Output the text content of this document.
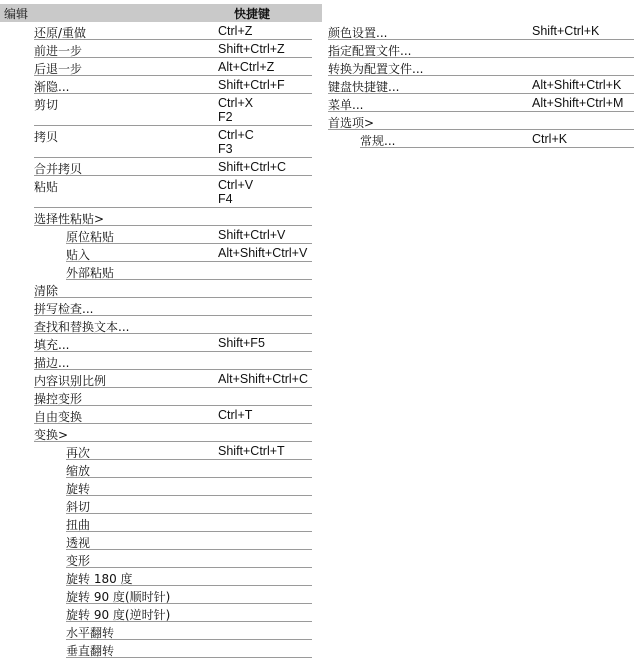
编辑	快捷键
还原/重做	Ctrl+Z
前进一步	Shift+Ctrl+Z
后退一步	Alt+Ctrl+Z
渐隐...	Shift+Ctrl+F
剪切	Ctrl+X
F2
拷贝	Ctrl+C
F3
合并拷贝	Shift+Ctrl+C
粘贴	Ctrl+V
F4
选择性粘贴>
原位粘贴	Shift+Ctrl+V
贴入	Alt+Shift+Ctrl+V
外部粘贴
清除
拼写检查...
查找和替换文本...
填充...	Shift+F5
描边...
内容识别比例	Alt+Shift+Ctrl+C
操控变形
自由变换	Ctrl+T
变换>
再次	Shift+Ctrl+T
缩放
旋转
斜切
扭曲
透视
变形
旋转 180 度
旋转 90 度(顺时针)
旋转 90 度(逆时针)
水平翻转
垂直翻转
颜色设置...	Shift+Ctrl+K
指定配置文件...
转换为配置文件...
键盘快捷键...	Alt+Shift+Ctrl+K
菜单...	Alt+Shift+Ctrl+M
首选项>
常规...	Ctrl+K
